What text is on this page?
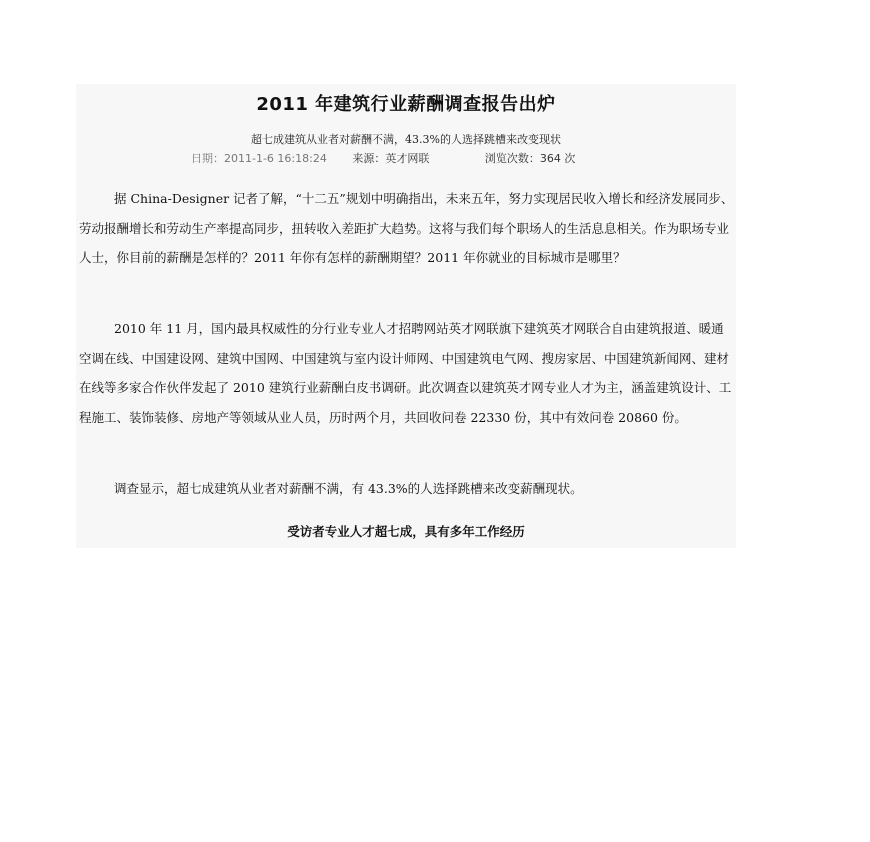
2011 年建筑行业薪酬调查报告出炉
超七成建筑从业者对薪酬不满，43.3%的人选择跳槽来改变现状
日期：2011-1-6 16:18:24 来源：英才网联	浏览次数：364 次

据 China-Designer 记者了解，“十二五”规划中明确指出，未来五年，努力实现居民收入增长和经济发展同步、劳动报酬增长和劳动生产率提高同步，扭转收入差距扩大趋势。这将与我们每个职场人的生活息息相关。作为职场专业人士，你目前的薪酬是怎样的？2011 年你有怎样的薪酬期望？2011 年你就业的目标城市是哪里？

2010 年 11 月，国内最具权威性的分行业专业人才招聘网站英才网联旗下建筑英才网联合自由建筑报道、暖通空调在线、中国建设网、建筑中国网、中国建筑与室内设计师网、中国建筑电气网、搜房家居、中国建筑新闻网、建材在线等多家合作伙伴发起了 2010 建筑行业薪酬白皮书调研。此次调查以建筑英才网专业人才为主，涵盖建筑设计、工程施工、装饰装修、房地产等领域从业人员，历时两个月，共回收问卷 22330 份，其中有效问卷 20860 份。

调查显示，超七成建筑从业者对薪酬不满，有 43.3%的人选择跳槽来改变薪酬现状。

受访者专业人才超七成，具有多年工作经历
